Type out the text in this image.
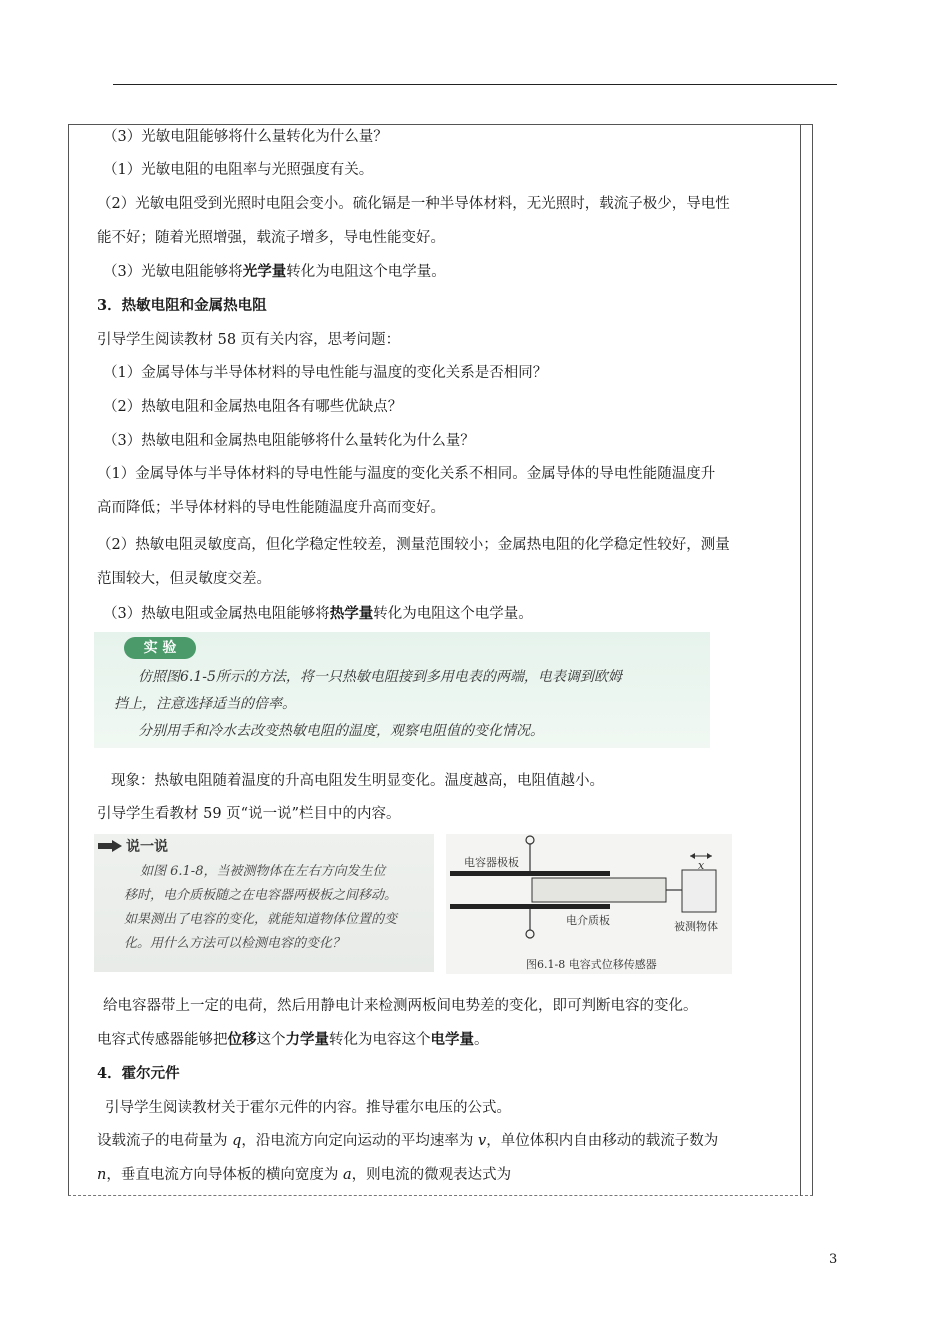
（3）光敏电阻能够将什么量转化为什么量？
（1）光敏电阻的电阻率与光照强度有关。
（2）光敏电阻受到光照时电阻会变小。硫化镉是一种半导体材料，无光照时，载流子极少，导电性
能不好；随着光照增强，载流子增多，导电性能变好。
（3）光敏电阻能够将光学量转化为电阻这个电学量。
3．热敏电阻和金属热电阻
引导学生阅读教材 58 页有关内容，思考问题：
（1）金属导体与半导体材料的导电性能与温度的变化关系是否相同？
（2）热敏电阻和金属热电阻各有哪些优缺点？
（3）热敏电阻和金属热电阻能够将什么量转化为什么量？
（1）金属导体与半导体材料的导电性能与温度的变化关系不相同。金属导体的导电性能随温度升
高而降低；半导体材料的导电性能随温度升高而变好。
（2）热敏电阻灵敏度高，但化学稳定性较差，测量范围较小；金属热电阻的化学稳定性较好，测量
范围较大，但灵敏度交差。
（3）热敏电阻或金属热电阻能够将热学量转化为电阻这个电学量。
实 验
仿照图6.1-5所示的方法，将一只热敏电阻接到多用电表的两端，电表调到欧姆
挡上，注意选择适当的倍率。
分别用手和冷水去改变热敏电阻的温度，观察电阻值的变化情况。
现象：热敏电阻随着温度的升高电阻发生明显变化。温度越高，电阻值越小。
引导学生看教材 59 页“说一说”栏目中的内容。
说一说
如图 6.1-8，当被测物体在左右方向发生位
移时，电介质板随之在电容器两极板之间移动。
如果测出了电容的变化，就能知道物体位置的变
化。用什么方法可以检测电容的变化？
电容器极板
电介质板	被测物体
x
图6.1-8 电容式位移传感器
给电容器带上一定的电荷，然后用静电计来检测两板间电势差的变化，即可判断电容的变化。
电容式传感器能够把位移这个力学量转化为电容这个电学量。
4．霍尔元件
引导学生阅读教材关于霍尔元件的内容。推导霍尔电压的公式。
设载流子的电荷量为 q，沿电流方向定向运动的平均速率为 v，单位体积内自由移动的载流子数为
n，垂直电流方向导体板的横向宽度为 a，则电流的微观表达式为
3
